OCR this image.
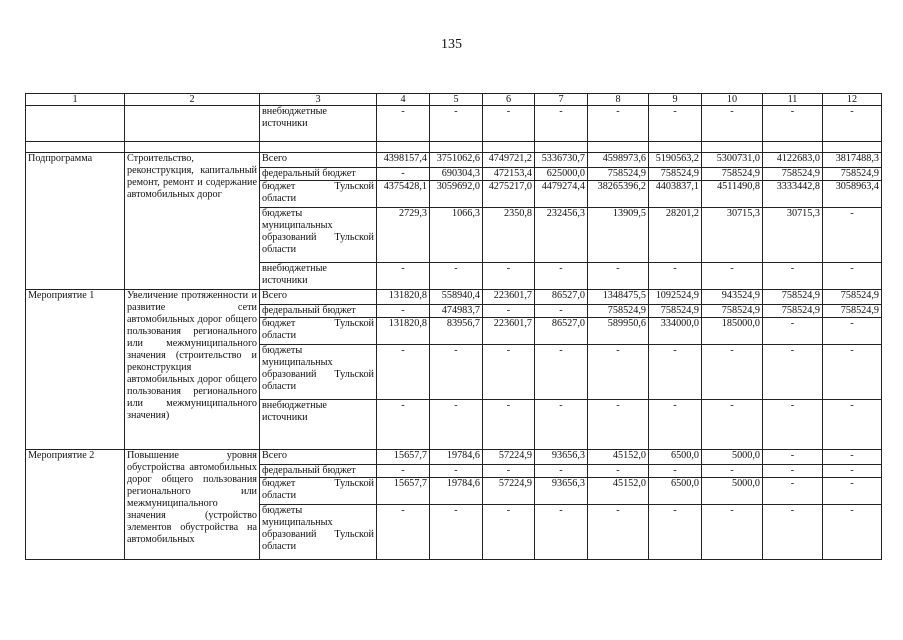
135
1	2	3	4	5	6	7	8	9	10	11	12
		внебюджетные источники	-	-	-	-	-	-	-	-	-

Подпрограмма	Строительство, реконструкция, капитальный ремонт, ремонт и содержание автомобильных дорог	Всего	4398157,4	3751062,6	4749721,2	5336730,7	4598973,6	5190563,2	5300731,0	4122683,0	3817488,3
		федеральный бюджет	-	690304,3	472153,4	625000,0	758524,9	758524,9	758524,9	758524,9	758524,9
		бюджет Тульской области	4375428,1	3059692,0	4275217,0	4479274,4	38265396,2	4403837,1	4511490,8	3333442,8	3058963,4
		бюджеты муниципальных образований Тульской области	2729,3	1066,3	2350,8	232456,3	13909,5	28201,2	30715,3	30715,3	-
		внебюджетные источники	-	-	-	-	-	-	-	-	-
Мероприятие 1	Увеличение протяженности и развитие сети автомобильных дорог общего пользования регионального или межмуниципального значения (строительство и реконструкция автомобильных дорог общего пользования регионального или межмуниципального значения)	Всего	131820,8	558940,4	223601,7	86527,0	1348475,5	1092524,9	943524,9	758524,9	758524,9
		федеральный бюджет	-	474983,7	-	-	758524,9	758524,9	758524,9	758524,9	758524,9
		бюджет Тульской области	131820,8	83956,7	223601,7	86527,0	589950,6	334000,0	185000,0	-	-
		бюджеты муниципальных образований Тульской области	-	-	-	-	-	-	-	-	-
		внебюджетные источники	-	-	-	-	-	-	-	-	-
Мероприятие 2	Повышение уровня обустройства автомобильных дорог общего пользования регионального или межмуниципального значения (устройство элементов обустройства на автомобильных	Всего	15657,7	19784,6	57224,9	93656,3	45152,0	6500,0	5000,0	-	-
		федеральный бюджет	-	-	-	-	-	-	-	-	-
		бюджет Тульской области	15657,7	19784,6	57224,9	93656,3	45152,0	6500,0	5000,0	-	-
		бюджеты муниципальных образований Тульской области	-	-	-	-	-	-	-	-	-
